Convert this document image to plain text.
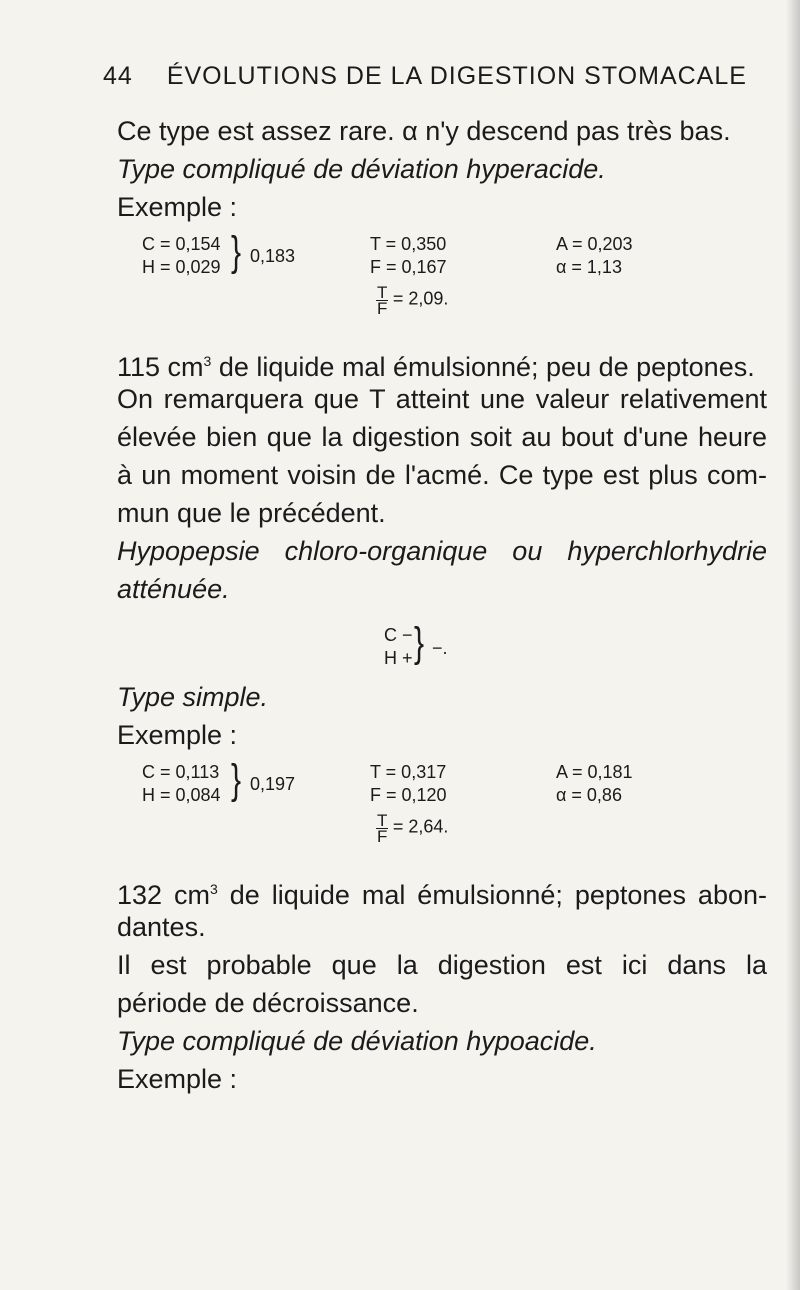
44 ÉVOLUTIONS DE LA DIGESTION STOMACALE
Ce type est assez rare. α n'y descend pas très bas.
Type compliqué de déviation hyperacide.
Exemple :
C = 0,154
H = 0,029 } 0,183
T = 0,350
F = 0,167
A = 0,203
α = 1,13
$\frac{T}{F} = 2,09$.
115 $cm^3$ de liquide mal émulsionné; peu de peptones.
On remarquera que T atteint une valeur relativement
élevée bien que la digestion soit au bout d'une heure
à un moment voisin de l'acmé. Ce type est plus com-
mun que le précédent.
Hypopepsie chloro-organique ou hyperchlorhydrie
atténuée.
C −
H + } −.
Type simple.
Exemple :
C = 0,113
H = 0,084 } 0,197
T = 0,317
F = 0,120
A = 0,181
α = 0,86
$\frac{T}{F} = 2,64$.
132 $cm^3$ de liquide mal émulsionné; peptones abon-
dantes.
Il est probable que la digestion est ici dans la
période de décroissance.
Type compliqué de déviation hypoacide.
Exemple :
